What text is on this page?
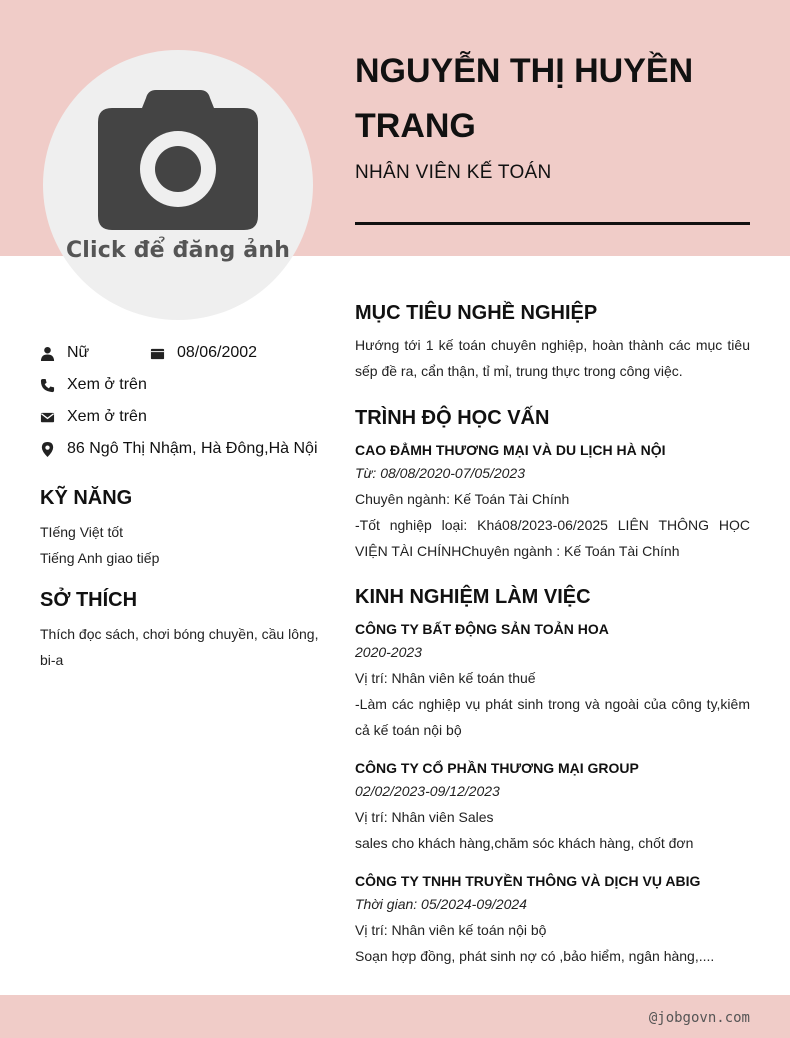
Click để đăng ảnh
NGUYỄN THỊ HUYỀN TRANG
NHÂN VIÊN KẾ TOÁN
Nữ	08/06/2002
Xem ở trên
Xem ở trên
86 Ngô Thị Nhậm, Hà Đông,Hà Nội
KỸ NĂNG
TIếng Việt tốt
Tiếng Anh giao tiếp
SỞ THÍCH
Thích đọc sách, chơi bóng chuyền, cầu lông, bi-a
MỤC TIÊU NGHỀ NGHIỆP

Hướng tới 1 kế toán chuyên nghiệp, hoàn thành các mục tiêu sếp đề ra, cẩn thận, tỉ mỉ, trung thực trong công việc.

TRÌNH ĐỘ HỌC VẤN
CAO ĐẲMH THƯƠNG MẠI VÀ DU LỊCH HÀ NỘI
Từ: 08/08/2020-07/05/2023

Chuyên ngành: Kế Toán Tài Chính

-Tốt nghiệp loại: Khá08/2023-06/2025 LIÊN THÔNG HỌC VIỆN TÀI CHÍNHChuyên ngành : Kế Toán Tài Chính

KINH NGHIỆM LÀM VIỆC
CÔNG TY BẤT ĐỘNG SẢN TOẢN HOA
2020-2023

Vị trí: Nhân viên kế toán thuế

-Làm các nghiệp vụ phát sinh trong và ngoài của công ty,kiêm cả kế toán nội bộ

CÔNG TY CỔ PHẦN THƯƠNG MẠI GROUP
02/02/2023-09/12/2023

Vị trí: Nhân viên Sales

sales cho khách hàng,chăm sóc khách hàng, chốt đơn

CÔNG TY TNHH TRUYỀN THÔNG VÀ DỊCH VỤ ABIG
Thời gian: 05/2024-09/2024

Vị trí: Nhân viên kế toán nội bộ

Soạn hợp đồng, phát sinh nợ có ,bảo hiểm, ngân hàng,....

@jobgovn.com
